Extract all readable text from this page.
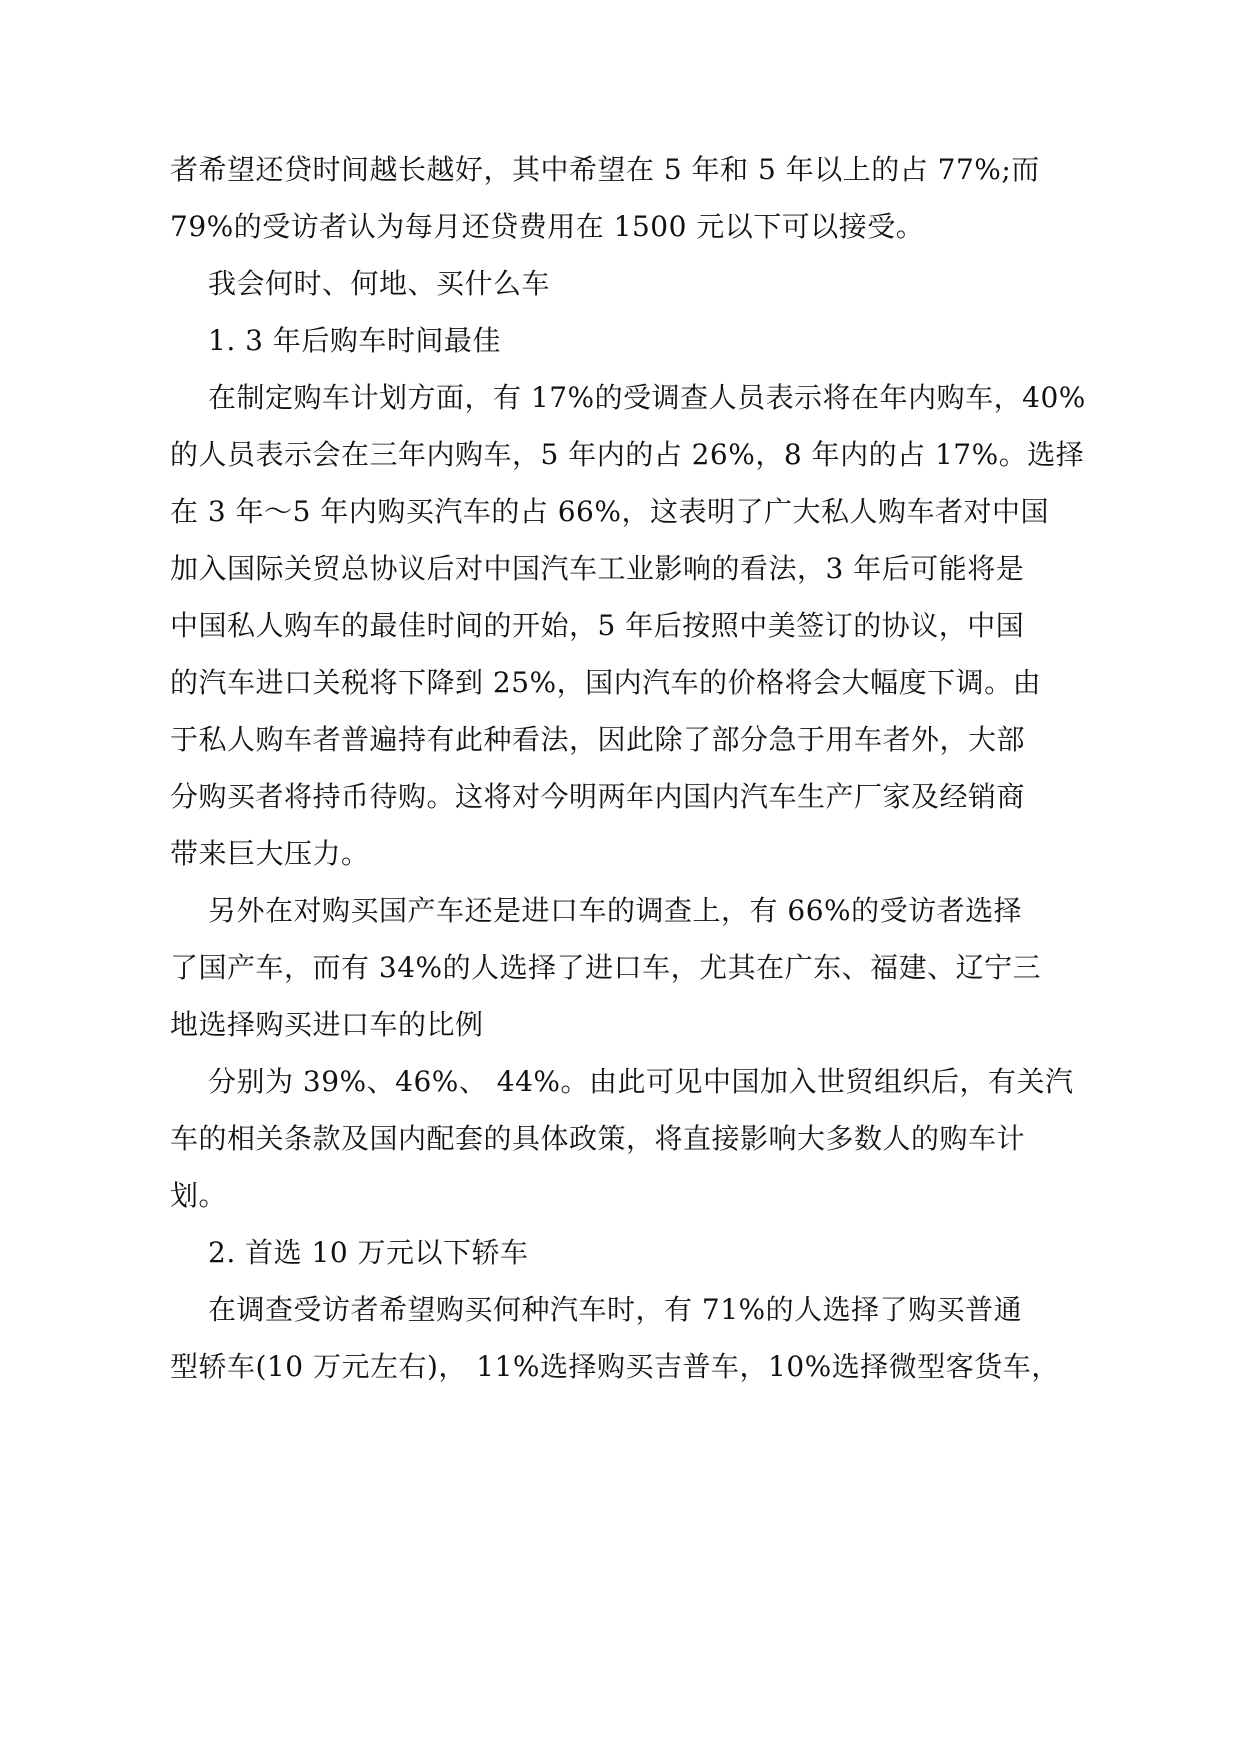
者希望还贷时间越长越好，其中希望在 5 年和 5 年以上的占 77%;而
79%的受访者认为每月还贷费用在 1500 元以下可以接受。
我会何时、何地、买什么车
1. 3 年后购车时间最佳
在制定购车计划方面，有 17%的受调查人员表示将在年内购车，40%
的人员表示会在三年内购车，5 年内的占 26%，8 年内的占 17%。选择
在 3 年～5 年内购买汽车的占 66%，这表明了广大私人购车者对中国
加入国际关贸总协议后对中国汽车工业影响的看法，3 年后可能将是
中国私人购车的最佳时间的开始，5 年后按照中美签订的协议，中国
的汽车进口关税将下降到 25%，国内汽车的价格将会大幅度下调。由
于私人购车者普遍持有此种看法，因此除了部分急于用车者外，大部
分购买者将持币待购。这将对今明两年内国内汽车生产厂家及经销商
带来巨大压力。
另外在对购买国产车还是进口车的调查上，有 66%的受访者选择
了国产车，而有 34%的人选择了进口车，尤其在广东、福建、辽宁三
地选择购买进口车的比例
分别为 39%、46%、 44%。由此可见中国加入世贸组织后，有关汽
车的相关条款及国内配套的具体政策，将直接影响大多数人的购车计
划。
2. 首选 10 万元以下轿车
在调查受访者希望购买何种汽车时，有 71%的人选择了购买普通
型轿车(10 万元左右)， 11%选择购买吉普车，10%选择微型客货车，
